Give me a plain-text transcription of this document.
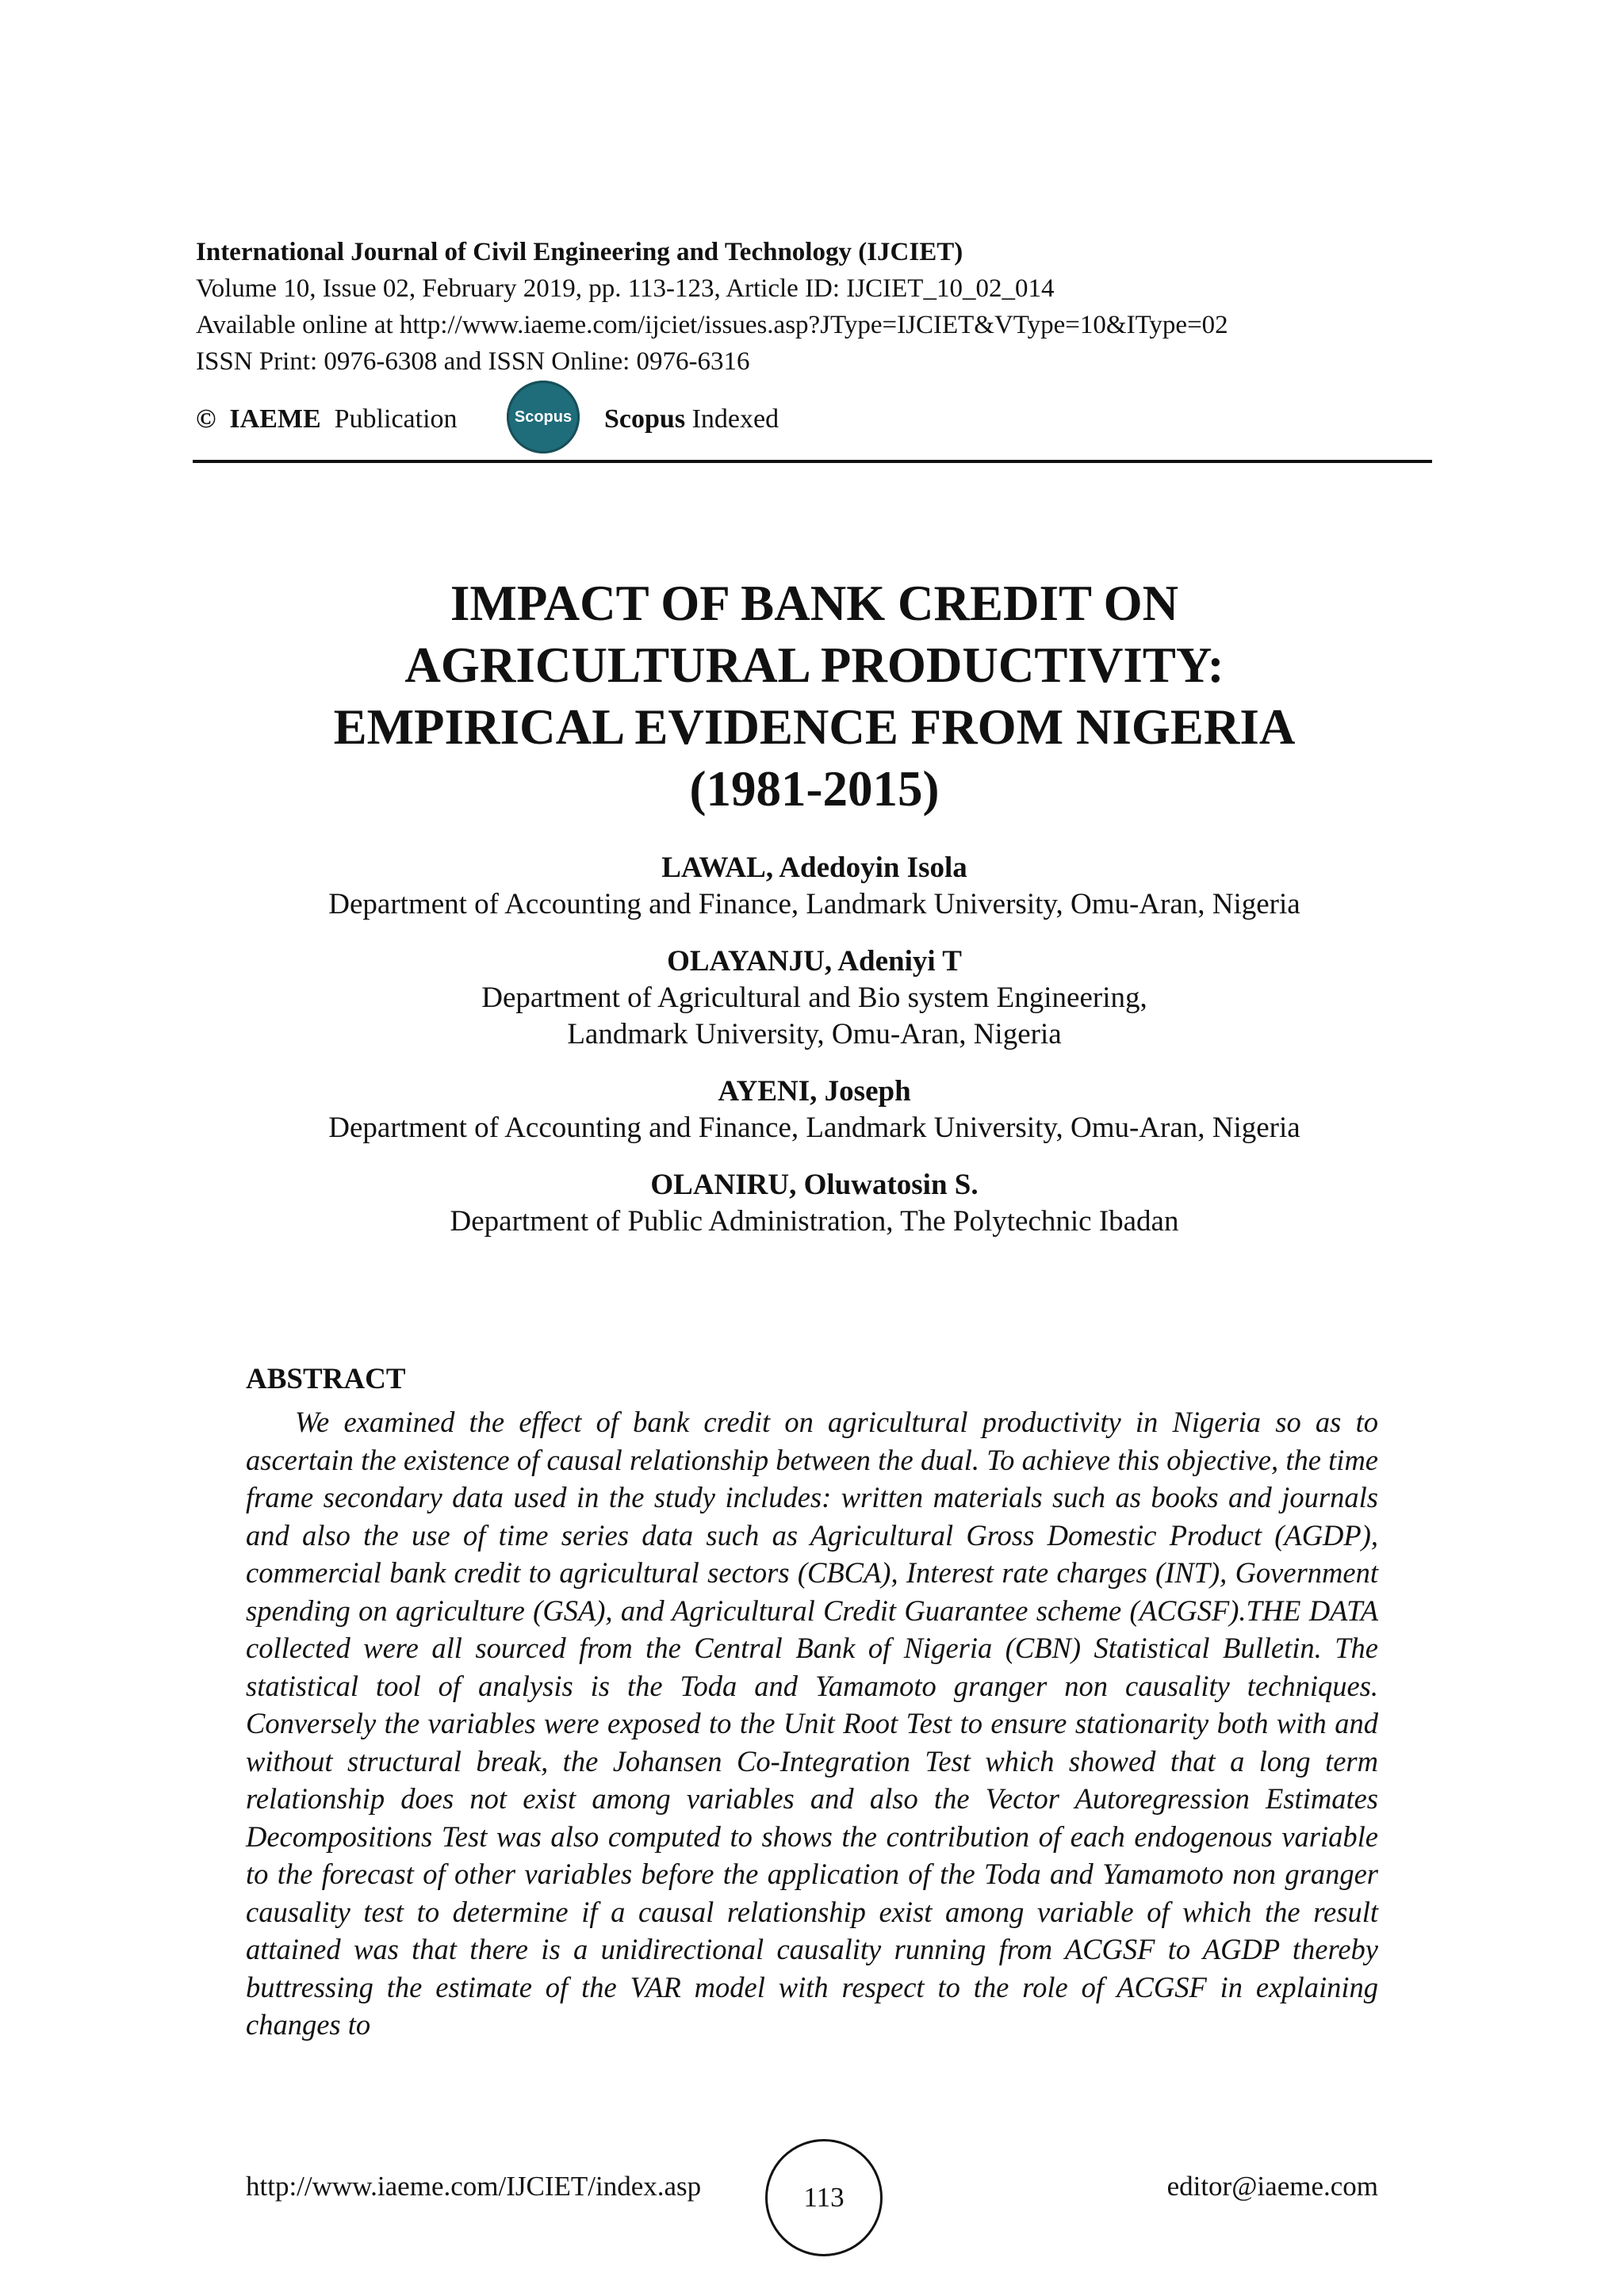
International Journal of Civil Engineering and Technology (IJCIET)
Volume 10, Issue 02, February 2019, pp. 113-123, Article ID: IJCIET_10_02_014
Available online at http://www.iaeme.com/ijciet/issues.asp?JType=IJCIET&VType=10&IType=02
ISSN Print: 0976-6308 and ISSN Online: 0976-6316
© IAEME Publication	Scopus Scopus Indexed
IMPACT OF BANK CREDIT ON
AGRICULTURAL PRODUCTIVITY:
EMPIRICAL EVIDENCE FROM NIGERIA
(1981-2015)
LAWAL, Adedoyin Isola
Department of Accounting and Finance, Landmark University, Omu-Aran, Nigeria
OLAYANJU, Adeniyi T
Department of Agricultural and Bio system Engineering,
Landmark University, Omu-Aran, Nigeria
AYENI, Joseph
Department of Accounting and Finance, Landmark University, Omu-Aran, Nigeria
OLANIRU, Oluwatosin S.
Department of Public Administration, The Polytechnic Ibadan
ABSTRACT

We examined the effect of bank credit on agricultural productivity in Nigeria so as to ascertain the existence of causal relationship between the dual. To achieve this objective, the time frame secondary data used in the study includes: written materials such as books and journals and also the use of time series data such as Agricultural Gross Domestic Product (AGDP), commercial bank credit to agricultural sectors (CBCA), Interest rate charges (INT), Government spending on agriculture (GSA), and Agricultural Credit Guarantee scheme (ACGSF).THE DATA collected were all sourced from the Central Bank of Nigeria (CBN) Statistical Bulletin. The statistical tool of analysis is the Toda and Yamamoto granger non causality techniques. Conversely the variables were exposed to the Unit Root Test to ensure stationarity both with and without structural break, the Johansen Co-Integration Test which showed that a long term relationship does not exist among variables and also the Vector Autoregression Estimates Decompositions Test was also computed to shows the contribution of each endogenous variable to the forecast of other variables before the application of the Toda and Yamamoto non granger causality test to determine if a causal relationship exist among variable of which the result attained was that there is a unidirectional causality running from ACGSF to AGDP thereby buttressing the estimate of the VAR model with respect to the role of ACGSF in explaining changes to

http://www.iaeme.com/IJCIET/index.asp	113	editor@iaeme.com
